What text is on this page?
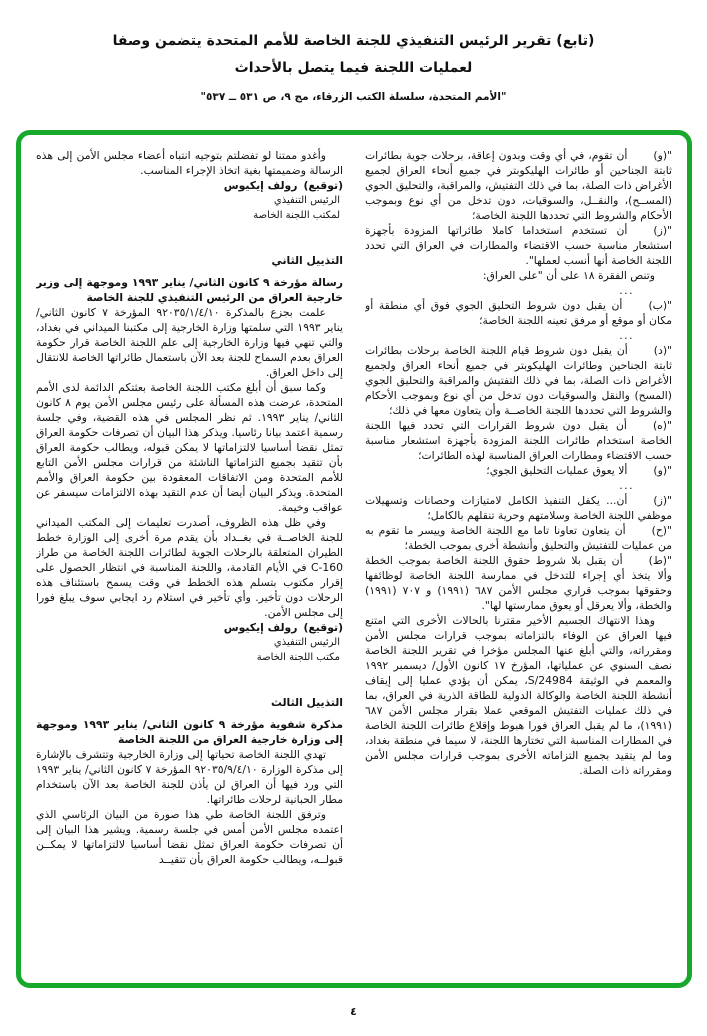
(تابع) تقرير الرئيس التنفيذي للجنة الخاصة للأمم المتحدة يتضمن وصفا
لعمليات اللجنة فيما يتصل بالأحداث
"الأمم المتحدة، سلسلة الكتب الزرقاء، مج ٩، ص ٥٣١ ــ ٥٣٧"

"(و)أن تقوم، في أي وقت وبدون إعاقة، برحلات جوية بطائرات ثابتة الجناحين أو طائرات الهليكوبتر في جميع أنحاء العراق لجميع الأغراض ذات الصلة، بما في ذلك التفتيش، والمراقبة، والتحليق الجوي (المســح)، والنقــل، والسوقيات، دون تدخل من أي نوع وبموجب الأحكام والشروط التي تحددها اللجنة الخاصة؛

"(ز)أن تستخدم استخداما كاملا طائراتها المزودة بأجهزة استشعار مناسبة حسب الاقتضاء والمطارات في العراق التي تحدد اللجنة الخاصة أنها أنسب لعملها".

وتنص الفقرة ١٨ على أن "على العراق:

...

"(ب)أن يقبل دون شروط التحليق الجوي فوق أي منطقة أو مكان أو موقع أو مرفق تعينه اللجنة الخاصة؛

...

"(د)أن يقبل دون شروط قيام اللجنة الخاصة برحلات بطائرات ثابتة الجناحين وطائرات الهليكوبتر في جميع أنحاء العراق ولجميع الأغراض ذات الصلة، بما في ذلك التفتيش والمراقبة والتحليق الجوي (المسح) والنقل والسوقيات دون تدخل من أي نوع وبموجب الأحكام والشروط التي تحددها اللجنة الخاصــة وأن يتعاون معها في ذلك؛

"(ه)أن يقبل دون شروط القرارات التي تحدد فيها اللجنة الخاصة استخدام طائرات اللجنة المزودة بأجهزة استشعار مناسبة حسب الاقتضاء ومطارات العراق المناسبة لهذه الطائرات؛

"(و)ألا يعوق عمليات التحليق الجوي؛

...

"(ز)أن... يكفل التنفيذ الكامل لامتيازات وحصانات وتسهيلات موظفي اللجنة الخاصة وسلامتهم وحرية تنقلهم بالكامل؛

"(ح)أن يتعاون تعاونا تاما مع اللجنة الخاصة وييسر ما تقوم به من عمليات للتفتيش والتحليق وأنشطة أخرى بموجب الخطة؛

"(ط)أن يقبل بلا شروط حقوق اللجنة الخاصة بموجب الخطة وألا يتخذ أي إجراء للتدخل في ممارسة اللجنة الخاصة لوظائفها وحقوقها بموجب قراري مجلس الأمن ٦٨٧ (١٩٩١) و ٧٠٧ (١٩٩١) والخطة، وألا يعرقل أو يعوق ممارستها لها".

وهذا الانتهاك الجسيم الأخير مقترنا بالحالات الأخرى التي امتنع فيها العراق عن الوفاء بالتزاماته بموجب قرارات مجلس الأمن ومقرراته، والتي أبلغ عنها المجلس مؤخرا في تقرير اللجنة الخاصة نصف السنوي عن عملياتها، المؤرخ ١٧ كانون الأول/ ديسمبر ١٩٩٢ والمعمم في الوثيقة S/24984، يمكن أن يؤدي عمليا إلى إيقاف أنشطة اللجنة الخاصة والوكالة الدولية للطاقة الذرية في العراق، بما في ذلك عمليات التفتيش الموقعي عملا بقرار مجلس الأمن ٦٨٧ (١٩٩١)، ما لم يقبل العراق فورا هبوط وإقلاع طائرات اللجنة الخاصة في المطارات المناسبة التي تختارها اللجنة، لا سيما في منطقة بغداد، وما لم يتقيد بجميع التزاماته الأخرى بموجب قرارات مجلس الأمن ومقرراته ذات الصلة.

وأغدو ممتنا لو تفضلتم بتوجيه انتباه أعضاء مجلس الأمن إلى هذه الرسالة وضميمتها بغية اتخاذ الإجراء المناسب.

(توقيع)رولف إيكيوس

الرئيس التنفيذي

لمكتب اللجنة الخاصة

التذييل الثاني

رسالة مؤرخة ٩ كانون الثاني/ يناير ١٩٩٣ وموجهة إلى وزير خارجية العراق من الرئيس التنفيذي للجنة الخاصة

علمت بجزع بالمذكرة ٩٢٠٣٥/١/٤/١٠ المؤرخة ٧ كانون الثاني/ يناير ١٩٩٣ التي سلمتها وزارة الخارجية إلى مكتبنا الميداني في بغداد، والتي تنهي فيها وزارة الخارجية إلى علم اللجنة الخاصة قرار حكومة العراق بعدم السماح للجنة بعد الآن باستعمال طائراتها الخاصة للانتقال إلى داخل العراق.

وكما سبق أن أبلغ مكتب اللجنة الخاصة بعثتكم الدائمة لدى الأمم المتحدة، عرضت هذه المسألة على رئيس مجلس الأمن يوم ٨ كانون الثاني/ يناير ١٩٩٣. ثم نظر المجلس في هذه القضية، وفي جلسة رسمية اعتمد بيانا رئاسيا. ويذكر هذا البيان أن تصرفات حكومة العراق تمثل نقضا أساسيا لالتزاماتها لا يمكن قبوله، ويطالب حكومة العراق بأن تتقيد بجميع التزاماتها الناشئة من قرارات مجلس الأمن التابع للأمم المتحدة ومن الاتفاقات المعقودة بين حكومة العراق والأمم المتحدة. ويذكر البيان أيضا أن عدم التقيد بهذه الالتزامات سيسفر عن عواقب وخيمة.

وفي ظل هذه الظروف، أصدرت تعليمات إلى المكتب الميداني للجنة الخاصــة في بغــداد بأن يقدم مرة أخرى إلى الوزارة خطط الطيران المتعلقة بالرحلات الجوية لطائرات اللجنة الخاصة من طراز C-160 في الأيام القادمة، واللجنة المناسبة في انتظار الحصول على إقرار مكتوب بتسلم هذه الخطط في وقت يسمح باستئناف هذه الرحلات دون تأخير. وأي تأخير في استلام رد ايجابي سوف يبلغ فورا إلى مجلس الأمن.

(توقيع)رولف إيكيوس

الرئيس التنفيذي

مكتب اللجنة الخاصة

التذييل الثالث

مذكرة شفوية مؤرخة ٩ كانون الثاني/ يناير ١٩٩٣ وموجهة إلى وزارة خارجية العراق من اللجنة الخاصة

تهدي اللجنة الخاصة تحياتها إلى وزارة الخارجية وتتشرف بالإشارة إلى مذكرة الوزارة ٩٢٠٣٥/٩/٤/١٠ المؤرخة ٧ كانون الثاني/ يناير ١٩٩٣ التي ورد فيها أن العراق لن يأذن للجنة الخاصة بعد الآن باستخدام مطار الحبانية لرحلات طائراتها.

وترفق اللجنة الخاصة طي هذا صورة من البيان الرئاسي الذي اعتمده مجلس الأمن أمس في جلسة رسمية. ويشير هذا البيان إلى أن تصرفات حكومة العراق تمثل نقضا أساسيا لالتزاماتها لا يمكــن قبولــه، ويطالب حكومة العراق بأن تتقيــد

٤
